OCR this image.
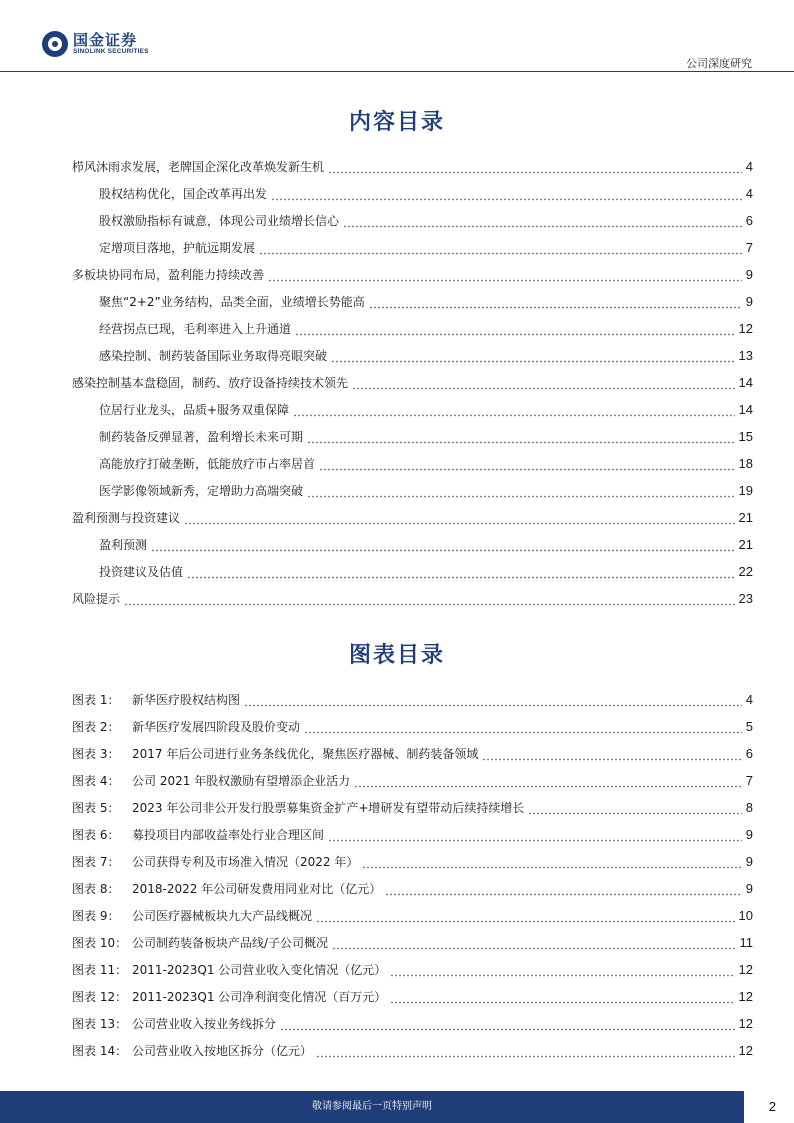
国金证券
SINOLINK SECURITIES
公司深度研究
内容目录
栉风沐雨求发展，老牌国企深化改革焕发新生机	4
股权结构优化，国企改革再出发	4
股权激励指标有诚意，体现公司业绩增长信心	6
定增项目落地，护航远期发展	7
多板块协同布局，盈利能力持续改善	9
聚焦“2+2”业务结构，品类全面，业绩增长势能高	9
经营拐点已现，毛利率进入上升通道	12
感染控制、制药装备国际业务取得亮眼突破	13
感染控制基本盘稳固，制药、放疗设备持续技术领先	14
位居行业龙头，品质+服务双重保障	14
制药装备反弹显著，盈利增长未来可期	15
高能放疗打破垄断，低能放疗市占率居首	18
医学影像领域新秀，定增助力高端突破	19
盈利预测与投资建议	21
盈利预测	21
投资建议及估值	22
风险提示	23
图表目录
图表 1：	新华医疗股权结构图	4
图表 2：	新华医疗发展四阶段及股价变动	5
图表 3：	2017 年后公司进行业务条线优化，聚焦医疗器械、制药装备领域	6
图表 4：	公司 2021 年股权激励有望增添企业活力	7
图表 5：	2023 年公司非公开发行股票募集资金扩产+增研发有望带动后续持续增长	8
图表 6：	募投项目内部收益率处行业合理区间	9
图表 7：	公司获得专利及市场准入情况（2022 年）	9
图表 8：	2018-2022 年公司研发费用同业对比（亿元）	9
图表 9：	公司医疗器械板块九大产品线概况	10
图表 10： 公司制药装备板块产品线/子公司概况	11
图表 11： 2011-2023Q1 公司营业收入变化情况（亿元）	12
图表 12： 2011-2023Q1 公司净利润变化情况（百万元）	12
图表 13： 公司营业收入按业务线拆分	12
图表 14： 公司营业收入按地区拆分（亿元）	12
敬请参阅最后一页特别声明	2
